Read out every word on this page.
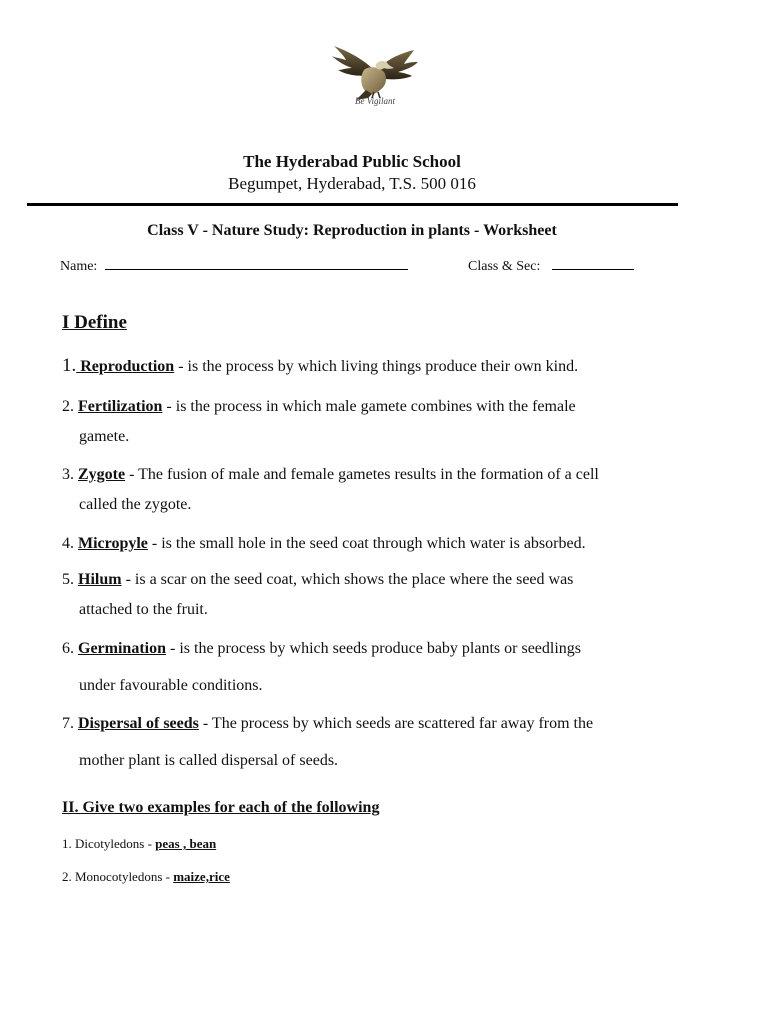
Be Vigilant
The Hyderabad Public School
Begumpet, Hyderabad, T.S. 500 016
Class V - Nature Study: Reproduction in plants - Worksheet
Name:	Class & Sec:
I Define
1. Reproduction - is the process by which living things produce their own kind.
2. Fertilization - is the process in which male gamete combines with the female
gamete.
3. Zygote - The fusion of male and female gametes results in the formation of a cell
called the zygote.
4. Micropyle - is the small hole in the seed coat through which water is absorbed.
5. Hilum - is a scar on the seed coat, which shows the place where the seed was
attached to the fruit.
6. Germination - is the process by which seeds produce baby plants or seedlings
under favourable conditions.
7. Dispersal of seeds - The process by which seeds are scattered far away from the
mother plant is called dispersal of seeds.
II. Give two examples for each of the following
1. Dicotyledons - peas , bean
2. Monocotyledons - maize,rice
